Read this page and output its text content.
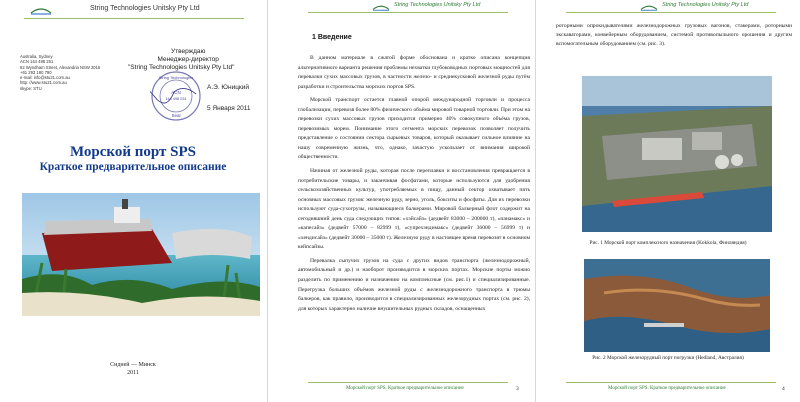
String Technologies Unitsky Pty Ltd
Australia, Sydney
ACN 144 498 251
62 Wyndham Street, Alexandria NSW 2015
+61 293 180 790
e-mail: info@stu21.com.au
http: //www.stu21.com.au
skype: STU
Утверждаю
Менеджер-директор
"String Technologies Unitsky Pty Ltd"
String Technologies
ACN
144 498 251
Seal
А.Э. Юницкий
5 Января 2011
Морской порт SPS
Краткое предварительное описание
Сидней — Минск
2011
String Technologies Unitsky Pty Ltd
1 Введение

В данном материале в сжатой форме обоснована и кратко описана концепция альтернативного варианта решения проблемы нехватки глубоководных портовых мощностей для перевалки сухих массовых грузов, в частности железо- и среднекусковой железной руды путём разработки и строительства морских портов SPS.

Морской транспорт остается главной опорой международной торговли и процесса глобализации, перевозя более 80% физического объёма мировой товарной торговли. При этом на перевозки сухих массовых грузов приходится примерно 40% совокупного объёма грузов, перевозимых морем. Понимание этого сегмента морских перевозок позволяет получить представление о состоянии сектора сырьевых товаров, который оказывает сильное влияние на нашу современную жизнь, что, однако, зачастую ускользает от внимания широкой общественности.

Начиная от железной руды, которая после переплавки и восстановления превращается в потребительские товары, и заканчивая фосфатами, которые используются для удобрения сельскохозяйственных культур, употребляемых в пищу, данный сектор охватывает пять основных массовых грузов: железную руду, зерно, уголь, бокситы и фосфаты. Для их перевозки используют суда-сухогрузы, называющиеся балкерами. Мировой балкерный флот содержит на сегодняшний день суда следующих типов: «хэйсайз» (дедвейт 83000 – 200000 т), «панамакс» и «капесайз» (дедвейт 57000 – 82999 т), «супрехэндимакс» (дедвейт 36000 – 56999 т) и «хендисайз» (дедвейт 30000 – 35000 т). Железную руду в настоящее время перевозят в основном кейпсайзы.

Перевалка сыпучих грузов на суда с других видов транспорта (железнодорожный, автомобильный и др.) и наоборот производится в морских портах. Морские порты можно разделить по применению и назначению на комплексные (см. рис.1) и специализированные. Перегрузка больших объёмов железной руды с железнодорожного транспорта в трюмы балкеров, как правило, производится в специализированных железорудных портах (см. рис. 2), для которых характерно наличие внушительных рудных складов, оснащенных

Морской порт SPS. Краткое предварительное описание	3
String Technologies Unitsky Pty Ltd
роторными опрокидывателями железнодорожных грузовых вагонов, стакерами, роторными экскаваторами, конвейерным оборудованием, системой противопыльного орошения и другим вспомогательным оборудованием (см. рис. 3).
Рис. 1 Морской порт комплексного назначения (Kokkola, Финляндия)
Рис. 2 Морской железорудный порт погрузки (Hedland, Австралия)
Морской порт SPS. Краткое предварительное описание	4
